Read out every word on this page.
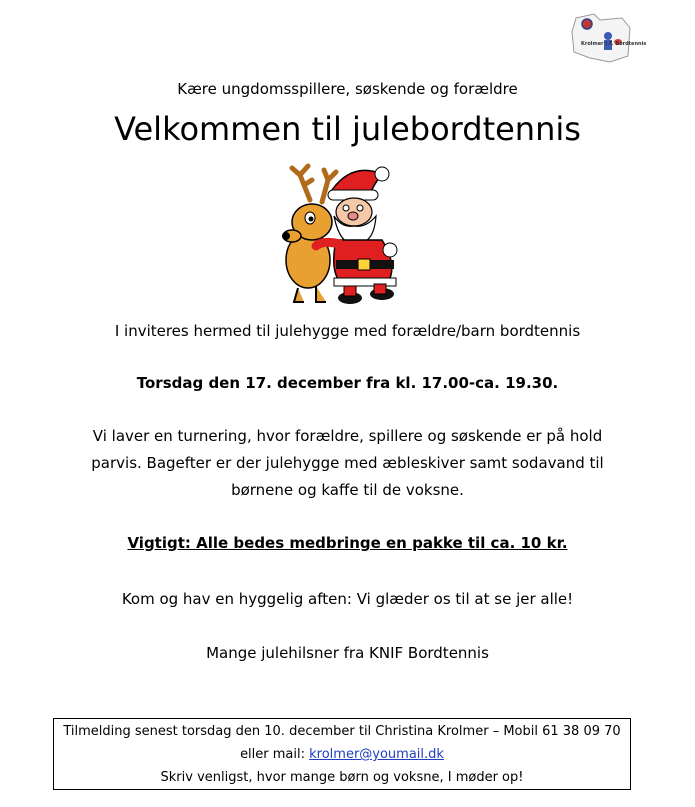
Krolmer I.F. Bordtennis
Kære ungdomsspillere, søskende og forældre
Velkommen til julebordtennis
I inviteres hermed til julehygge med forældre/barn bordtennis
Torsdag den 17. december fra kl. 17.00-ca. 19.30.
Vi laver en turnering, hvor forældre, spillere og søskende er på hold
parvis. Bagefter er der julehygge med æbleskiver samt sodavand til
børnene og kaffe til de voksne.
Vigtigt: Alle bedes medbringe en pakke til ca. 10 kr.
Kom og hav en hyggelig aften: Vi glæder os til at se jer alle!
Mange julehilsner fra KNIF Bordtennis
Tilmelding senest torsdag den 10. december til Christina Krolmer – Mobil 61 38 09 70
eller mail: krolmer@youmail.dk
Skriv venligst, hvor mange børn og voksne, I møder op!
